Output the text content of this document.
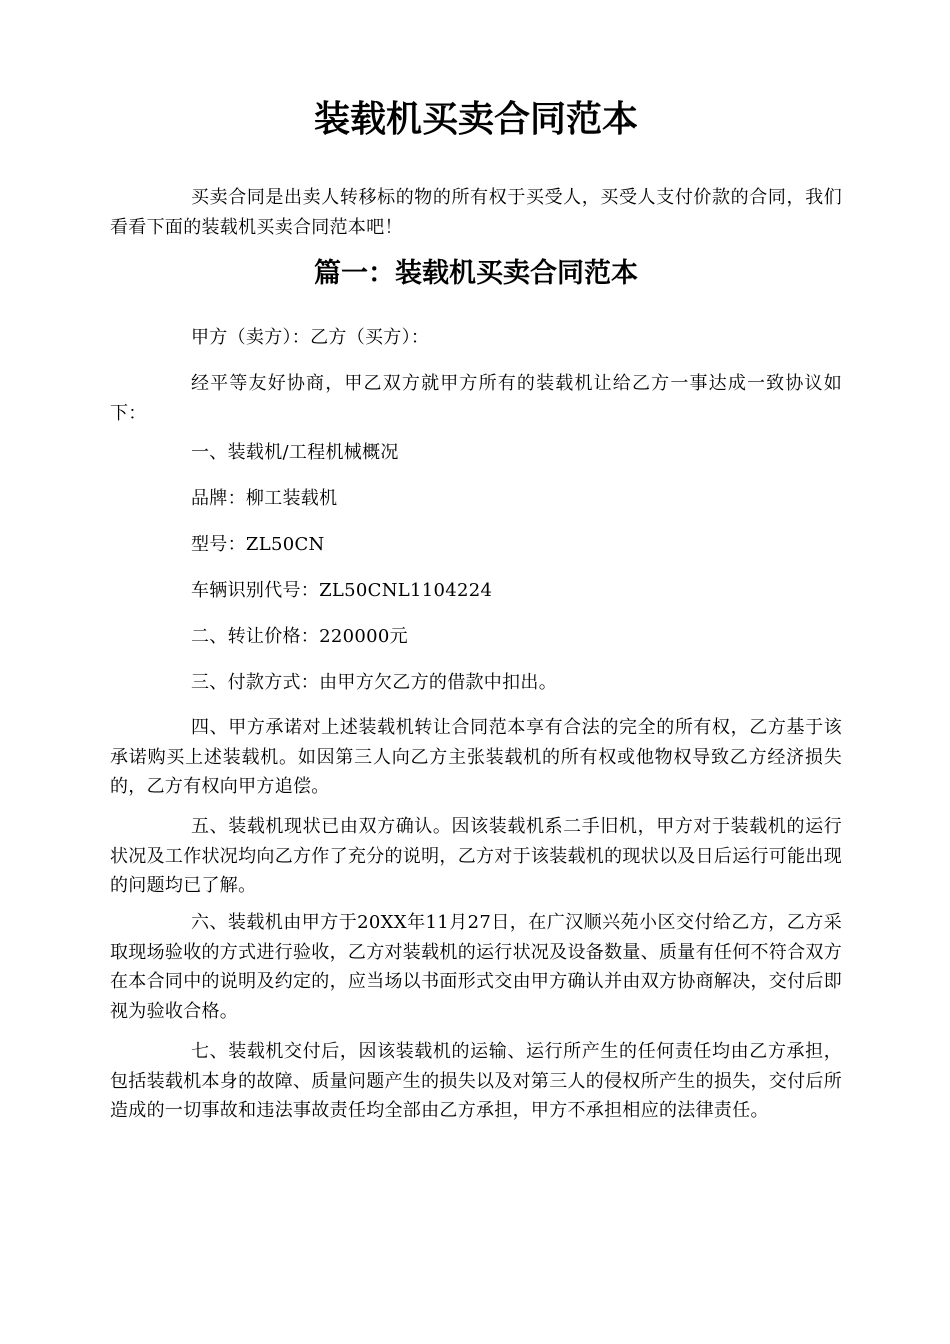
装载机买卖合同范本

买卖合同是出卖人转移标的物的所有权于买受人，买受人支付价款的合同，我们看看下面的装载机买卖合同范本吧！

篇一：装载机买卖合同范本

甲方（卖方）：乙方（买方）：

经平等友好协商，甲乙双方就甲方所有的装载机让给乙方一事达成一致协议如下：

一、装载机/工程机械概况

品牌：柳工装载机

型号：ZL50CN

车辆识别代号：ZL50CNL1104224

二、转让价格：220000元

三、付款方式：由甲方欠乙方的借款中扣出。

四、甲方承诺对上述装载机转让合同范本享有合法的完全的所有权，乙方基于该承诺购买上述装载机。如因第三人向乙方主张装载机的所有权或他物权导致乙方经济损失的，乙方有权向甲方追偿。

五、装载机现状已由双方确认。因该装载机系二手旧机，甲方对于装载机的运行状况及工作状况均向乙方作了充分的说明，乙方对于该装载机的现状以及日后运行可能出现的问题均已了解。

六、装载机由甲方于20XX年11月27日，在广汉顺兴苑小区交付给乙方，乙方采取现场验收的方式进行验收，乙方对装载机的运行状况及设备数量、质量有任何不符合双方在本合同中的说明及约定的，应当场以书面形式交由甲方确认并由双方协商解决，交付后即视为验收合格。

七、装载机交付后，因该装载机的运输、运行所产生的任何责任均由乙方承担，包括装载机本身的故障、质量问题产生的损失以及对第三人的侵权所产生的损失，交付后所造成的一切事故和违法事故责任均全部由乙方承担，甲方不承担相应的法律责任。
